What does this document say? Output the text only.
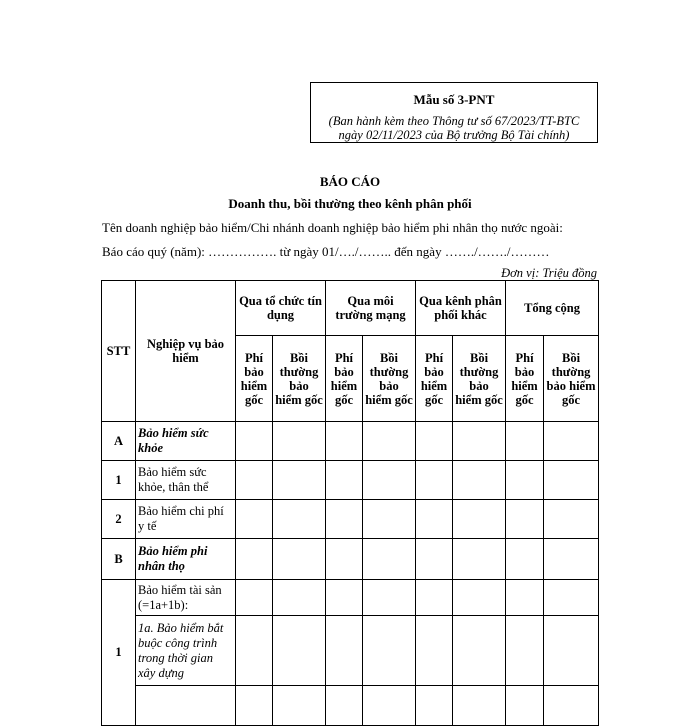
Mẫu số 3-PNT
(Ban hành kèm theo Thông tư số 67/2023/TT-BTC
ngày 02/11/2023 của Bộ trưởng Bộ Tài chính)
BÁO CÁO
Doanh thu, bồi thường theo kênh phân phối
Tên doanh nghiệp bảo hiểm/Chi nhánh doanh nghiệp bảo hiểm phi nhân thọ nước ngoài:
Báo cáo quý (năm): ……………. từ ngày 01/…./…….. đến ngày ……./……./………
Đơn vị: Triệu đồng
STT	Nghiệp vụ bảo hiểm	Qua tổ chức tín dụng		Qua môi trường mạng		Qua kênh phân phối khác		Tổng cộng	
		Phí bảo hiểm gốc	Bồi thường bảo hiểm gốc	Phí bảo hiểm gốc	Bồi thường bảo hiểm gốc	Phí bảo hiểm gốc	Bồi thường bảo hiểm gốc	Phí bảo hiểm gốc	Bồi thường bảo hiểm gốc
A	Bảo hiểm sức khỏe								
1	Bảo hiểm sức khỏe, thân thể								
2	Bảo hiểm chi phí y tế								
B	Bảo hiểm phi nhân thọ								
1	Bảo hiểm tài sản (=1a+1b):								
	1a. Bảo hiểm bắt buộc công trình trong thời gian xây dựng								
